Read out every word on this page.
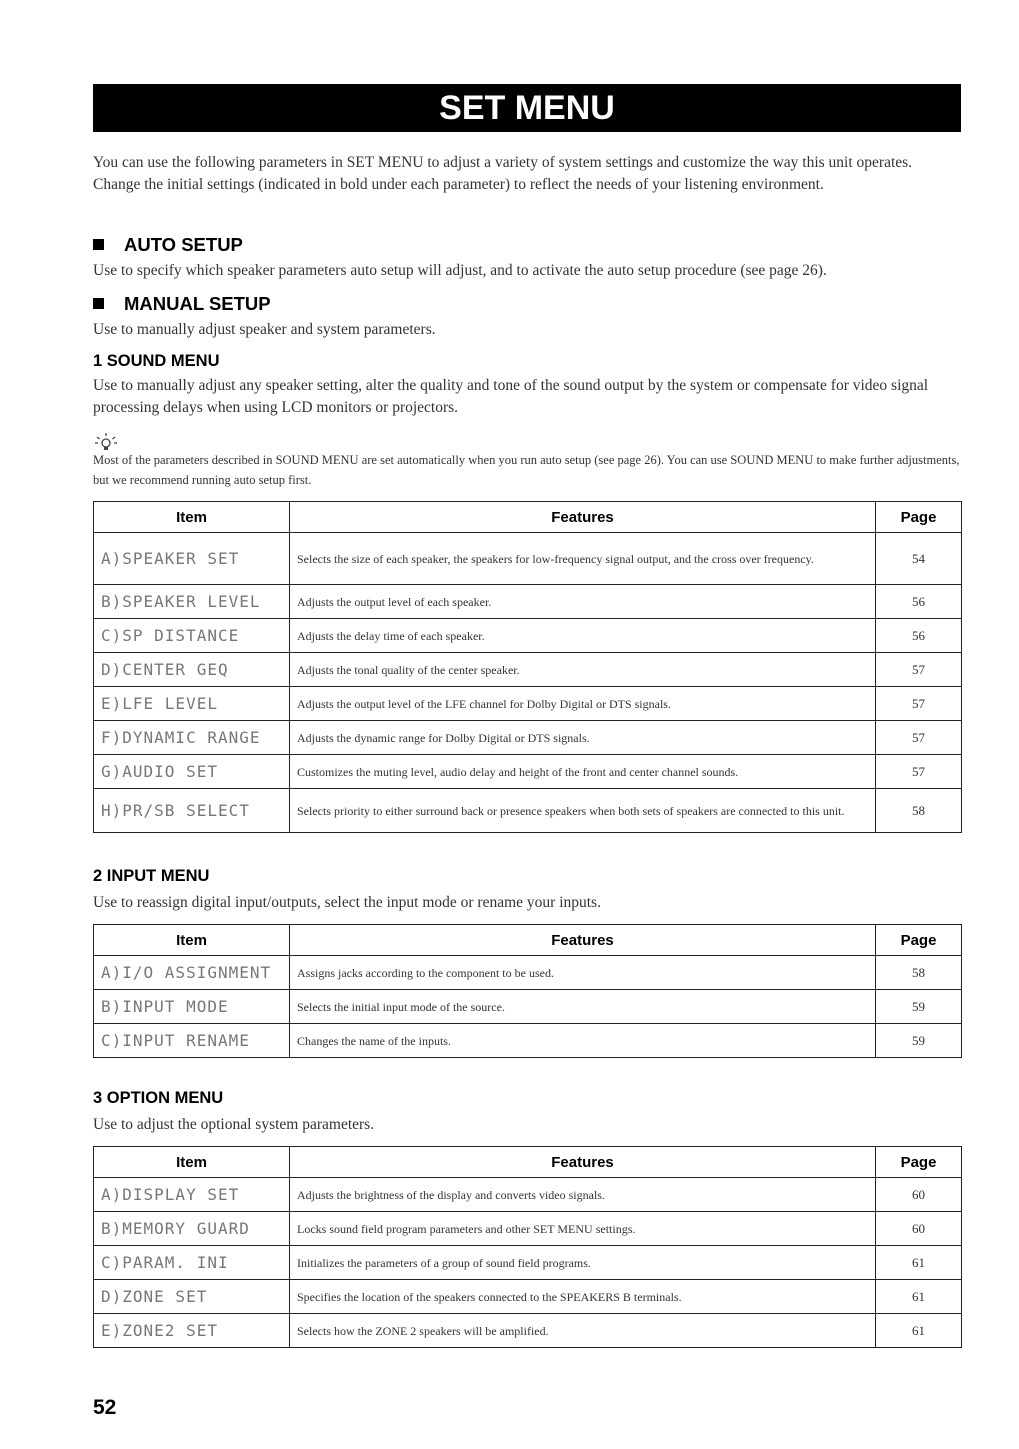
SET MENU
You can use the following parameters in SET MENU to adjust a variety of system settings and customize the way this unit operates. Change the initial settings (indicated in bold under each parameter) to reflect the needs of your listening environment.
AUTO SETUP
Use to specify which speaker parameters auto setup will adjust, and to activate the auto setup procedure (see page 26).
MANUAL SETUP
Use to manually adjust speaker and system parameters.
1 SOUND MENU
Use to manually adjust any speaker setting, alter the quality and tone of the sound output by the system or compensate for video signal processing delays when using LCD monitors or projectors.
Most of the parameters described in SOUND MENU are set automatically when you run auto setup (see page 26). You can use SOUND MENU to make further adjustments, but we recommend running auto setup first.
Item	Features	Page
A)SPEAKER SET	Selects the size of each speaker, the speakers for low-frequency signal output, and the cross over frequency.	54
B)SPEAKER LEVEL	Adjusts the output level of each speaker.	56
C)SP DISTANCE	Adjusts the delay time of each speaker.	56
D)CENTER GEQ	Adjusts the tonal quality of the center speaker.	57
E)LFE LEVEL	Adjusts the output level of the LFE channel for Dolby Digital or DTS signals.	57
F)DYNAMIC RANGE	Adjusts the dynamic range for Dolby Digital or DTS signals.	57
G)AUDIO SET	Customizes the muting level, audio delay and height of the front and center channel sounds.	57
H)PR/SB SELECT	Selects priority to either surround back or presence speakers when both sets of speakers are connected to this unit.	58
2 INPUT MENU
Use to reassign digital input/outputs, select the input mode or rename your inputs.
Item	Features	Page
A)I/O ASSIGNMENT	Assigns jacks according to the component to be used.	58
B)INPUT MODE	Selects the initial input mode of the source.	59
C)INPUT RENAME	Changes the name of the inputs.	59
3 OPTION MENU
Use to adjust the optional system parameters.
Item	Features	Page
A)DISPLAY SET	Adjusts the brightness of the display and converts video signals.	60
B)MEMORY GUARD	Locks sound field program parameters and other SET MENU settings.	60
C)PARAM. INI	Initializes the parameters of a group of sound field programs.	61
D)ZONE SET	Specifies the location of the speakers connected to the SPEAKERS B terminals.	61
E)ZONE2 SET	Selects how the ZONE 2 speakers will be amplified.	61
52
